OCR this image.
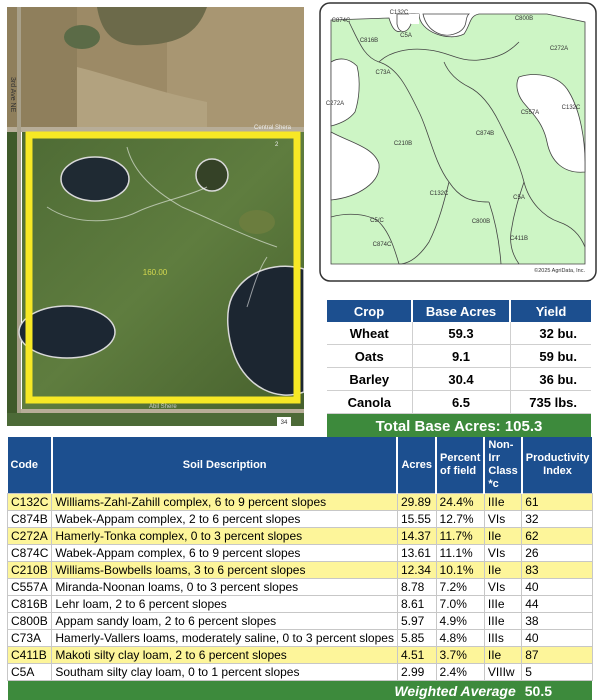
160.00
3rd Ave NE
Central Shera
2
Abil Shere
34
C874C
C132C
C800B
C816B
C5A
C272A
C73A
C272A
C132C
C557A
C210B
C874B
C132C
C5A
C5/C	C800B
C411B
C874C
©2025 AgriData, Inc.
Crop	Base Acres	Yield
Wheat	59.3	32 bu.
Oats	9.1	59 bu.
Barley	30.4	36 bu.
Canola	6.5	735 lbs.
Total Base Acres: 105.3		
Code	Soil Description	Acres	Percent
of field	Non-Irr
Class *c	Productivity
Index
C132C	Williams-Zahl-Zahill complex, 6 to 9 percent slopes	29.89	24.4%	IIIe	61
C874B	Wabek-Appam complex, 2 to 6 percent slopes	15.55	12.7%	VIs	32
C272A	Hamerly-Tonka complex, 0 to 3 percent slopes	14.37	11.7%	IIe	62
C874C	Wabek-Appam complex, 6 to 9 percent slopes	13.61	11.1%	VIs	26
C210B	Williams-Bowbells loams, 3 to 6 percent slopes	12.34	10.1%	IIe	83
C557A	Miranda-Noonan loams, 0 to 3 percent slopes	8.78	7.2%	VIs	40
C816B	Lehr loam, 2 to 6 percent slopes	8.61	7.0%	IIIe	44
C800B	Appam sandy loam, 2 to 6 percent slopes	5.97	4.9%	IIIe	38
C73A	Hamerly-Vallers loams, moderately saline, 0 to 3 percent slopes	5.85	4.8%	IIIs	40
C411B	Makoti silty clay loam, 2 to 6 percent slopes	4.51	3.7%	IIe	87
C5A	Southam silty clay loam, 0 to 1 percent slopes	2.99	2.4%	VIIIw	5
Weighted Average					50.5
